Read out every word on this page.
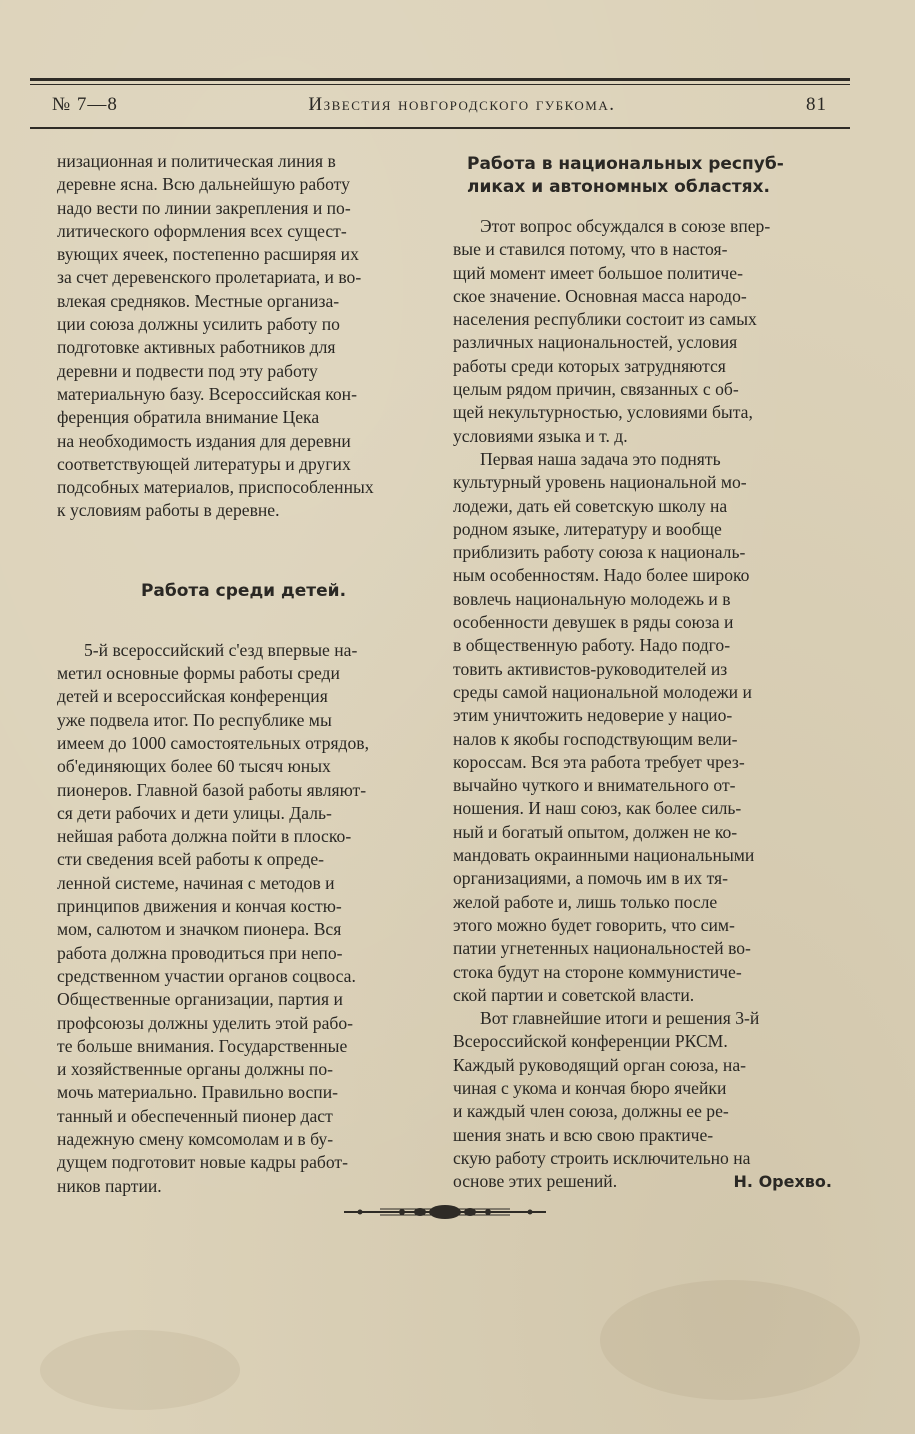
№ 7—8	Известия новгородского губкома.	81

низационная и политическая линия в

деревне ясна. Всю дальнейшую работу

надо вести по линии закрепления и по-

литического оформления всех сущест-

вующих ячеек, постепенно расширяя их

за счет деревенского пролетариата, и во-

влекая средняков. Местные организа-

ции союза должны усилить работу по

подготовке активных работников для

деревни и подвести под эту работу

материальную базу. Всероссийская кон-

ференция обратила внимание Цека

на необходимость издания для деревни

соответствующей литературы и других

подсобных материалов, приспособленных

к условиям работы в деревне.

Работа среди детей.

5-й всероссийский с'езд впервые на-

метил основные формы работы среди

детей и всероссийская конференция

уже подвела итог. По республике мы

имеем до 1000 самостоятельных отрядов,

об'единяющих более 60 тысяч юных

пионеров. Главной базой работы являют-

ся дети рабочих и дети улицы. Даль-

нейшая работа должна пойти в плоско-

сти сведения всей работы к опреде-

ленной системе, начиная с методов и

принципов движения и кончая костю-

мом, салютом и значком пионера. Вся

работа должна проводиться при непо-

средственном участии органов соцвоса.

Общественные организации, партия и

профсоюзы должны уделить этой рабо-

те больше внимания. Государственные

и хозяйственные органы должны по-

мочь материально. Правильно воспи-

танный и обеспеченный пионер даст

надежную смену комсомолам и в бу-

дущем подготовит новые кадры работ-

ников партии.

Работа в национальных респуб-
ликах и автономных областях.

Этот вопрос обсуждался в союзе впер-

вые и ставился потому, что в настоя-

щий момент имеет большое политиче-

ское значение. Основная масса народо-

населения республики состоит из самых

различных национальностей, условия

работы среди которых затрудняются

целым рядом причин, связанных с об-

щей некультурностью, условиями быта,

условиями языка и т. д.

Первая наша задача это поднять

культурный уровень национальной мо-

лодежи, дать ей советскую школу на

родном языке, литературу и вообще

приблизить работу союза к националь-

ным особенностям. Надо более широко

вовлечь национальную молодежь и в

особенности девушек в ряды союза и

в общественную работу. Надо подго-

товить активистов-руководителей из

среды самой национальной молодежи и

этим уничтожить недоверие у нацио-

налов к якобы господствующим вели-

короссам. Вся эта работа требует чрез-

вычайно чуткого и внимательного от-

ношения. И наш союз, как более силь-

ный и богатый опытом, должен не ко-

мандовать окраинными национальными

организациями, а помочь им в их тя-

желой работе и, лишь только после

этого можно будет говорить, что сим-

патии угнетенных национальностей во-

стока будут на стороне коммунистиче-

ской партии и советской власти.

Вот главнейшие итоги и решения 3-й

Всероссийской конференции РКСМ.

Каждый руководящий орган союза, на-

чиная с укома и кончая бюро ячейки

и каждый член союза, должны ее ре-

шения знать и всю свою практиче-

скую работу строить исключительно на

основе этих решений.	Н. Орехво.
